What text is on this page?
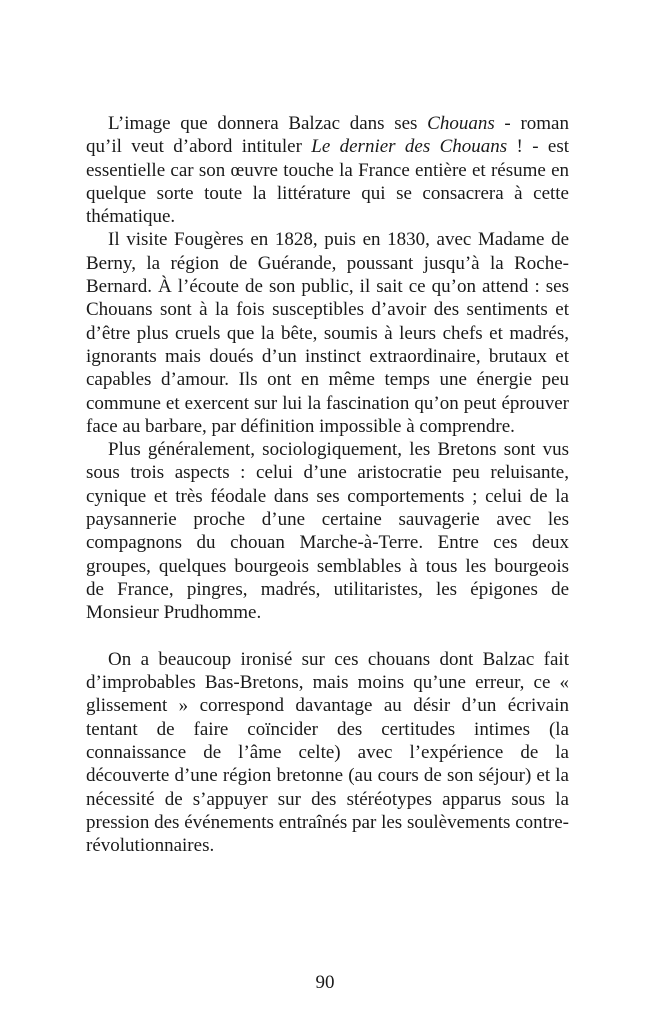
L’image que donnera Balzac dans ses Chouans - roman qu’il veut d’abord intituler Le dernier des Chouans ! - est essentielle car son œuvre touche la France entière et résume en quelque sorte toute la littérature qui se consacrera à cette thématique.

Il visite Fougères en 1828, puis en 1830, avec Madame de Berny, la région de Guérande, poussant jusqu’à la Roche-Bernard. À l’écoute de son public, il sait ce qu’on attend : ses Chouans sont à la fois susceptibles d’avoir des sentiments et d’être plus cruels que la bête, soumis à leurs chefs et madrés, ignorants mais doués d’un instinct extraordinaire, brutaux et capables d’amour. Ils ont en même temps une énergie peu commune et exercent sur lui la fascination qu’on peut éprouver face au barbare, par définition impossible à comprendre.

Plus généralement, sociologiquement, les Bretons sont vus sous trois aspects : celui d’une aristocratie peu reluisante, cynique et très féodale dans ses comportements ; celui de la paysannerie proche d’une certaine sauvagerie avec les compagnons du chouan Marche-à-Terre. Entre ces deux groupes, quelques bourgeois semblables à tous les bourgeois de France, pingres, madrés, utilitaristes, les épigones de Monsieur Prudhomme.

On a beaucoup ironisé sur ces chouans dont Balzac fait d’improbables Bas-Bretons, mais moins qu’une erreur, ce « glissement » correspond davantage au désir d’un écrivain tentant de faire coïncider des certitudes intimes (la connaissance de l’âme celte) avec l’expérience de la découverte d’une région bretonne (au cours de son séjour) et la nécessité de s’appuyer sur des stéréotypes apparus sous la pression des événements entraînés par les soulèvements contre-révolutionnaires.

90
